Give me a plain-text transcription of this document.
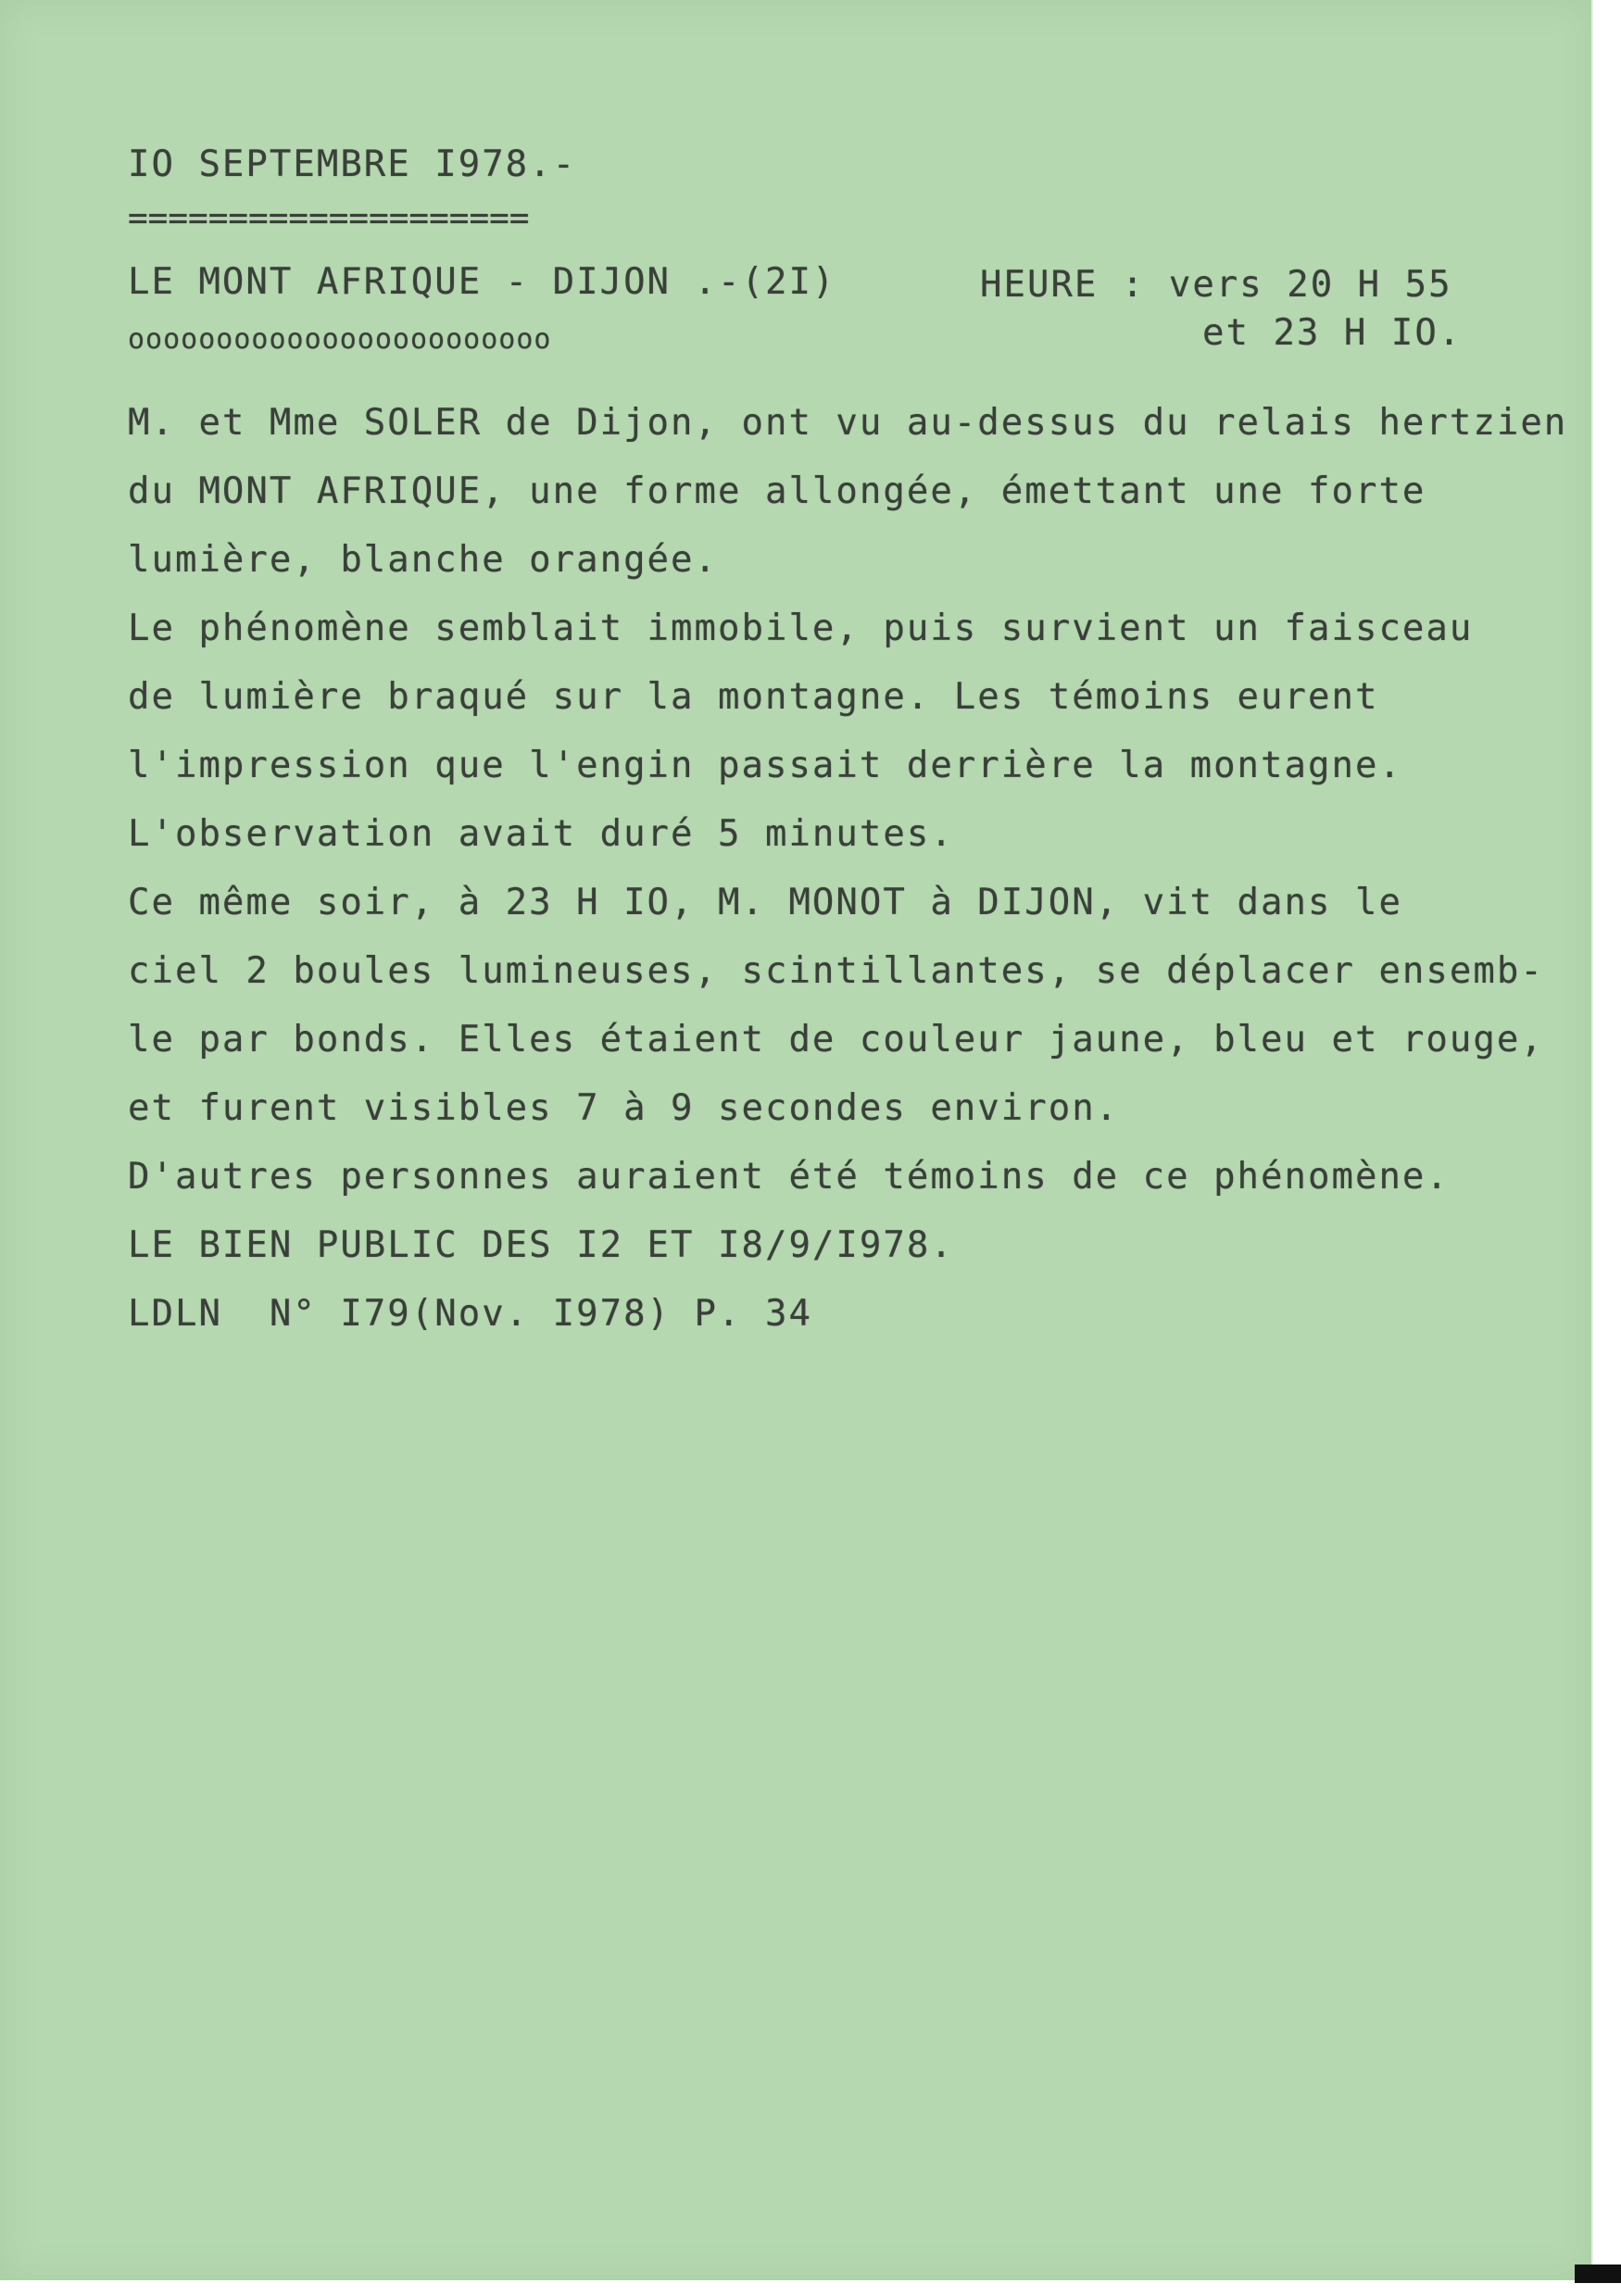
IO SEPTEMBRE I978.-
====================
LE MONT AFRIQUE - DIJON .-(2I)	HEURE : vers 20 H 55
oooooooooooooooooooooooo	et 23 H IO.
M. et Mme SOLER de Dijon, ont vu au-dessus du relais hertzien
du MONT AFRIQUE, une forme allongée, émettant une forte
lumière, blanche orangée.
Le phénomène semblait immobile, puis survient un faisceau
de lumière braqué sur la montagne. Les témoins eurent
l'impression que l'engin passait derrière la montagne.
L'observation avait duré 5 minutes.
Ce même soir, à 23 H IO, M. MONOT à DIJON, vit dans le
ciel 2 boules lumineuses, scintillantes, se déplacer ensemb-
le par bonds. Elles étaient de couleur jaune, bleu et rouge,
et furent visibles 7 à 9 secondes environ.
D'autres personnes auraient été témoins de ce phénomène.
LE BIEN PUBLIC DES I2 ET I8/9/I978.
LDLN  N° I79(Nov. I978) P. 34
